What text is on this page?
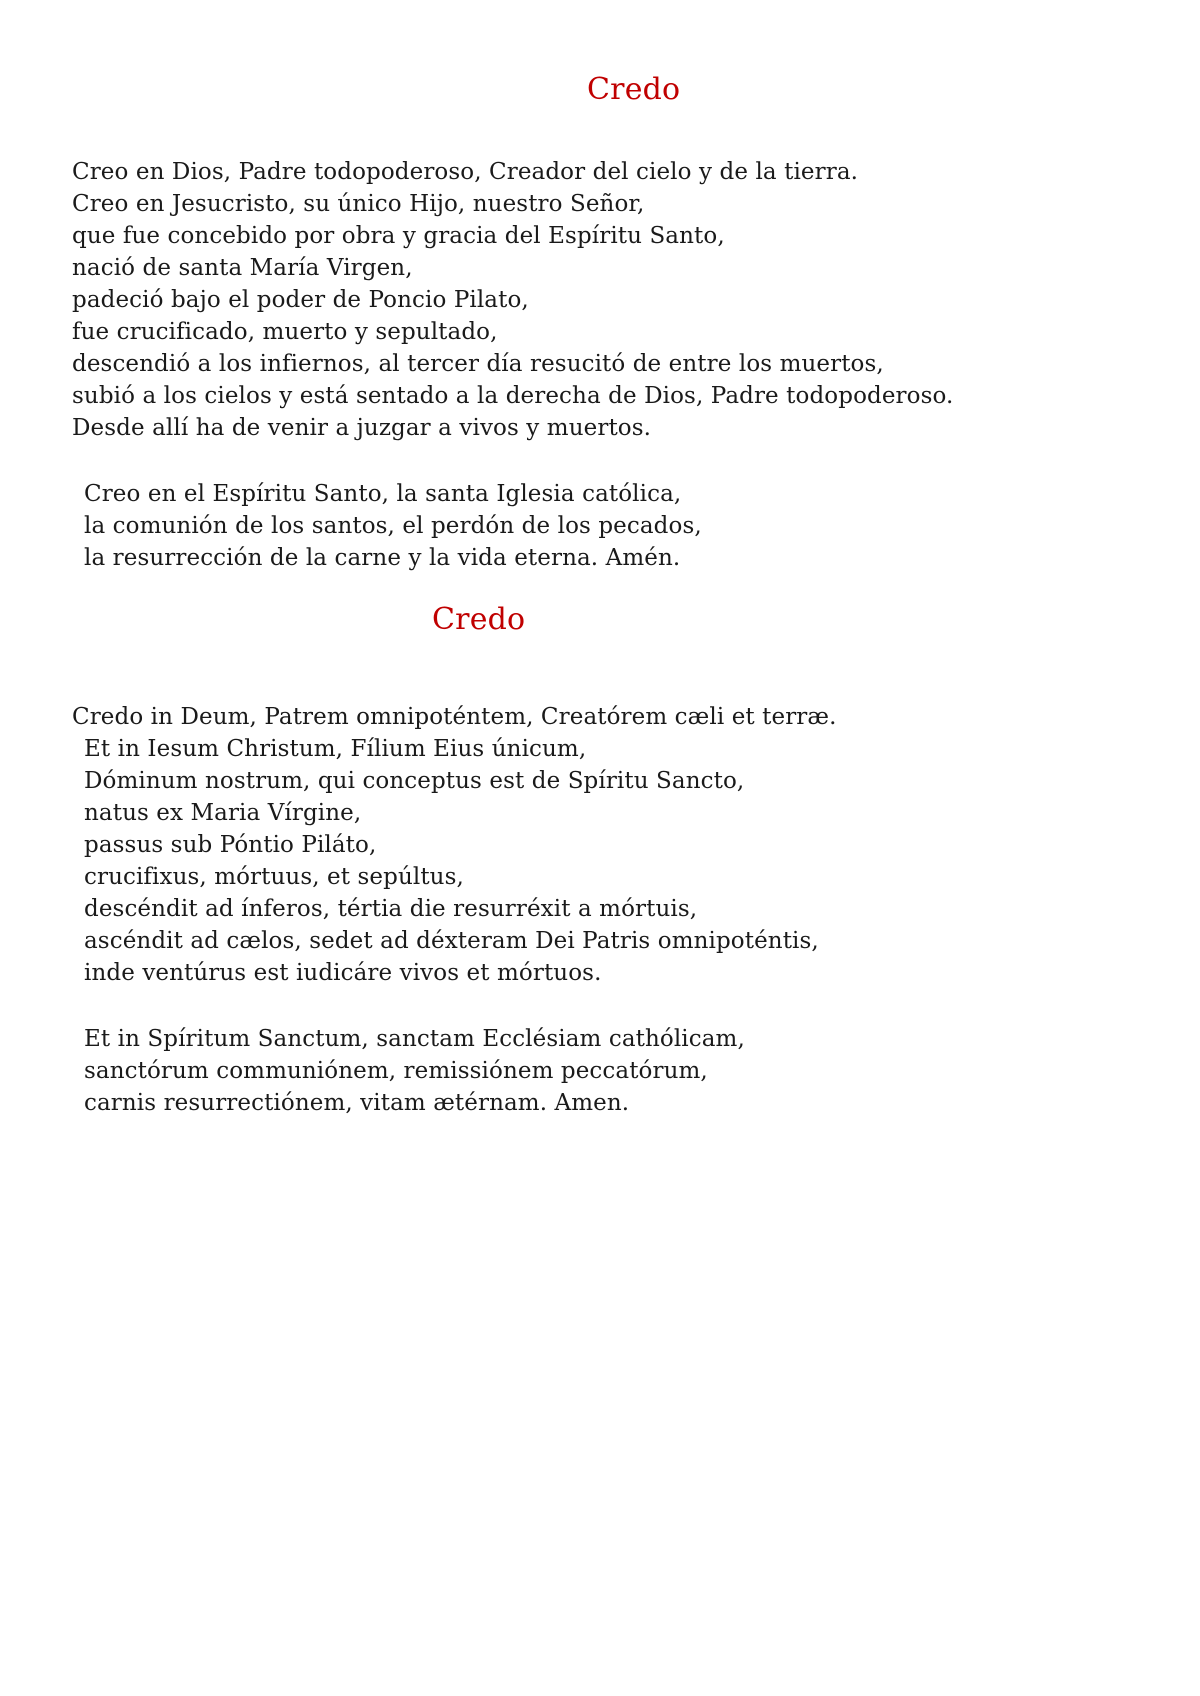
Credo
Creo en Dios, Padre todopoderoso, Creador del cielo y de la tierra.
Creo en Jesucristo, su único Hijo, nuestro Señor,
que fue concebido por obra y gracia del Espíritu Santo,
nació de santa María Virgen,
padeció bajo el poder de Poncio Pilato,
fue crucificado, muerto y sepultado,
descendió a los infiernos, al tercer día resucitó de entre los muertos,
subió a los cielos y está sentado a la derecha de Dios, Padre todopoderoso.
Desde allí ha de venir a juzgar a vivos y muertos.
Creo en el Espíritu Santo, la santa Iglesia católica,
la comunión de los santos, el perdón de los pecados,
la resurrección de la carne y la vida eterna. Amén.
Credo
Credo in Deum, Patrem omnipoténtem, Creatórem cæli et terræ.
Et in Iesum Christum, Fílium Eius únicum,
Dóminum nostrum, qui conceptus est de Spíritu Sancto,
natus ex Maria Vírgine,
passus sub Póntio Piláto,
crucifixus, mórtuus, et sepúltus,
descéndit ad ínferos, tértia die resurréxit a mórtuis,
ascéndit ad cælos, sedet ad déxteram Dei Patris omnipoténtis,
inde ventúrus est iudicáre vivos et mórtuos.
Et in Spíritum Sanctum, sanctam Ecclésiam cathólicam,
sanctórum communiónem, remissiónem peccatórum,
carnis resurrectiónem, vitam ætérnam. Amen.
